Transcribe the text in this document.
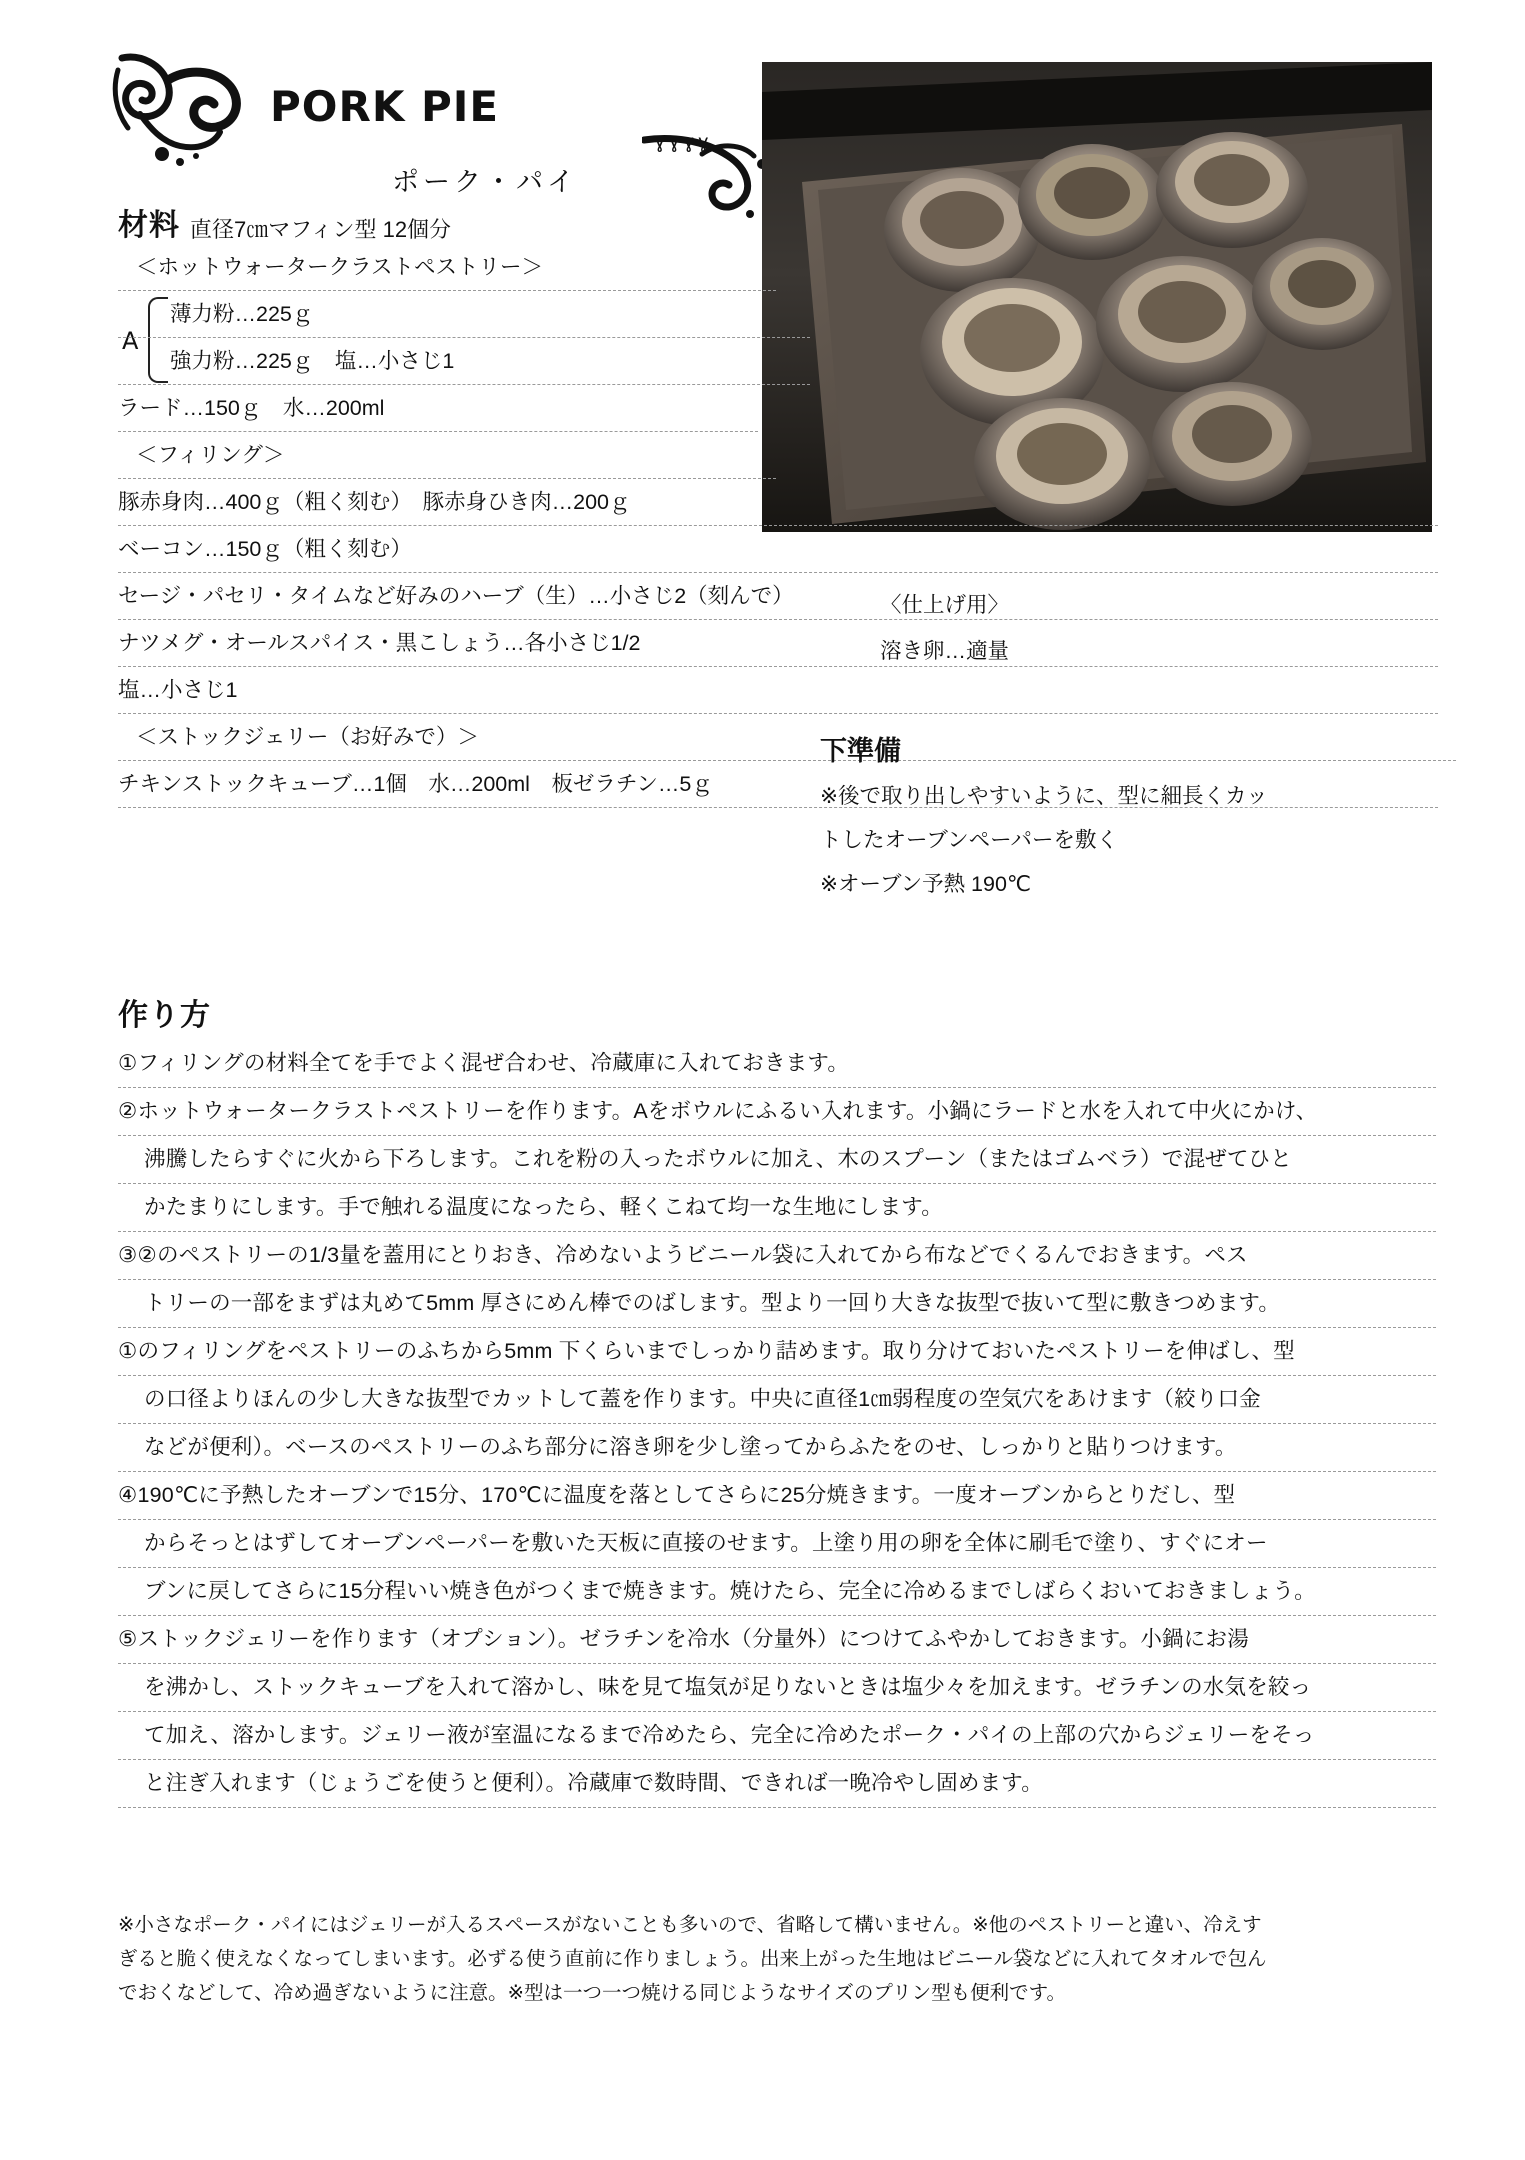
PORK PIE
ɣɣɣɣ
ポーク・パイ
材料 直径7㎝マフィン型 12個分
＜ホットウォータークラストペストリー＞
A
薄力粉…225ｇ
強力粉…225ｇ　塩…小さじ1
ラード…150ｇ　水…200ml
＜フィリング＞
豚赤身肉…400ｇ（粗く刻む）　豚赤身ひき肉…200ｇ
ベーコン…150ｇ（粗く刻む）
セージ・パセリ・タイムなど好みのハーブ（生）…小さじ2（刻んで）
ナツメグ・オールスパイス・黒こしょう…各小さじ1/2
塩…小さじ1
＜ストックジェリー（お好みで）＞
チキンストックキューブ…1個　水…200ml　板ゼラチン…5ｇ
〈仕上げ用〉
溶き卵…適量
下準備
※後で取り出しやすいように、型に細長くカッ
トしたオーブンペーパーを敷く
※オーブン予熱 190℃
作り方
①フィリングの材料全てを手でよく混ぜ合わせ、冷蔵庫に入れておきます。
②ホットウォータークラストペストリーを作ります。Aをボウルにふるい入れます。小鍋にラードと水を入れて中火にかけ、
沸騰したらすぐに火から下ろします。これを粉の入ったボウルに加え、木のスプーン（またはゴムベラ）で混ぜてひと
かたまりにします。手で触れる温度になったら、軽くこねて均一な生地にします。
③②のペストリーの1/3量を蓋用にとりおき、冷めないようビニール袋に入れてから布などでくるんでおきます。ペス
トリーの一部をまずは丸めて5mm 厚さにめん棒でのばします。型より一回り大きな抜型で抜いて型に敷きつめます。
①のフィリングをペストリーのふちから5mm 下くらいまでしっかり詰めます。取り分けておいたペストリーを伸ばし、型
の口径よりほんの少し大きな抜型でカットして蓋を作ります。中央に直径1㎝弱程度の空気穴をあけます（絞り口金
などが便利）。ベースのペストリーのふち部分に溶き卵を少し塗ってからふたをのせ、しっかりと貼りつけます。
④190℃に予熱したオーブンで15分、170℃に温度を落としてさらに25分焼きます。一度オーブンからとりだし、型
からそっとはずしてオーブンペーパーを敷いた天板に直接のせます。上塗り用の卵を全体に刷毛で塗り、すぐにオー
ブンに戻してさらに15分程いい焼き色がつくまで焼きます。焼けたら、完全に冷めるまでしばらくおいておきましょう。
⑤ストックジェリーを作ります（オプション）。ゼラチンを冷水（分量外）につけてふやかしておきます。小鍋にお湯
を沸かし、ストックキューブを入れて溶かし、味を見て塩気が足りないときは塩少々を加えます。ゼラチンの水気を絞っ
て加え、溶かします。ジェリー液が室温になるまで冷めたら、完全に冷めたポーク・パイの上部の穴からジェリーをそっ
と注ぎ入れます（じょうごを使うと便利）。冷蔵庫で数時間、できれば一晩冷やし固めます。
※小さなポーク・パイにはジェリーが入るスペースがないことも多いので、省略して構いません。※他のペストリーと違い、冷えす
ぎると脆く使えなくなってしまいます。必ずる使う直前に作りましょう。出来上がった生地はビニール袋などに入れてタオルで包ん
でおくなどして、冷め過ぎないように注意。※型は一つ一つ焼ける同じようなサイズのプリン型も便利です。
